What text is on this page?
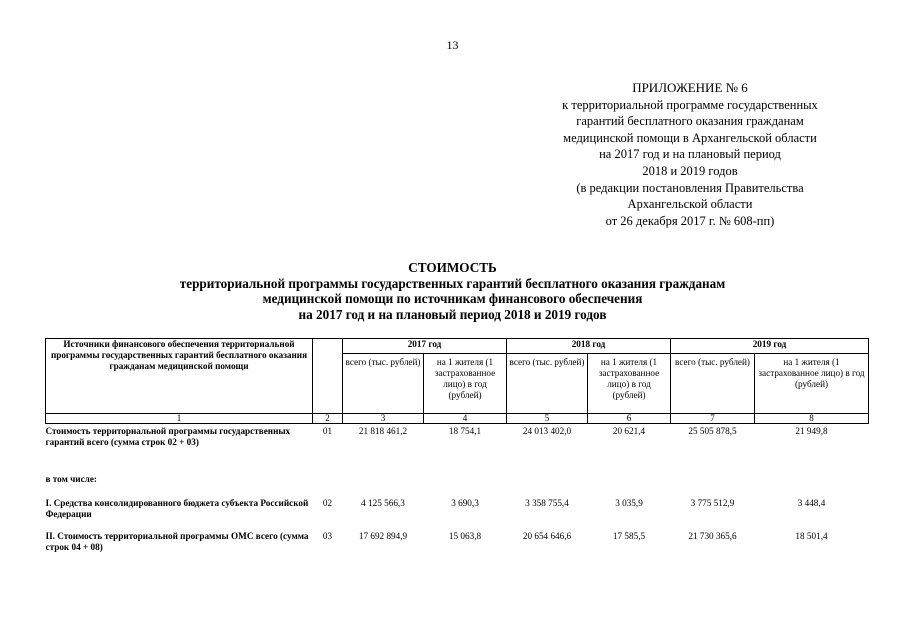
13
ПРИЛОЖЕНИЕ № 6
к территориальной программе государственных
гарантий бесплатного оказания гражданам
медицинской помощи в Архангельской области
на 2017 год и на плановый период
2018 и 2019 годов
(в редакции постановления Правительства
Архангельской области
от 26 декабря 2017 г. № 608-пп)
СТОИМОСТЬ
территориальной программы государственных гарантий бесплатного оказания гражданам
медицинской помощи по источникам финансового обеспечения
на 2017 год и на плановый период 2018 и 2019 годов
Источники финансового обеспечения территориальной программы государственных гарантий бесплатного оказания гражданам медицинской помощи		2017 год		2018 год		2019 год	
		всего (тыс. рублей)	на 1 жителя (1 застрахованное лицо) в год (рублей)	всего (тыс. рублей)	на 1 жителя (1 застрахованное лицо) в год (рублей)	всего (тыс. рублей)	на 1 жителя (1 застрахованное лицо) в год (рублей)
1	2	3	4	5	6	7	8
Стоимость территориальной программы государственных гарантий всего (сумма строк 02 + 03)	01	21 818 461,2	18 754,1	24 013 402,0	20 621,4	25 505 878,5	21 949,8
в том числе:							
I. Средства консолидированного бюджета субъекта Российской Федерации	02	4 125 566,3	3 690,3	3 358 755,4	3 035,9	3 775 512,9	3 448,4
II. Стоимость территориальной программы ОМС всего (сумма строк 04 + 08)	03	17 692 894,9	15 063,8	20 654 646,6	17 585,5	21 730 365,6	18 501,4
